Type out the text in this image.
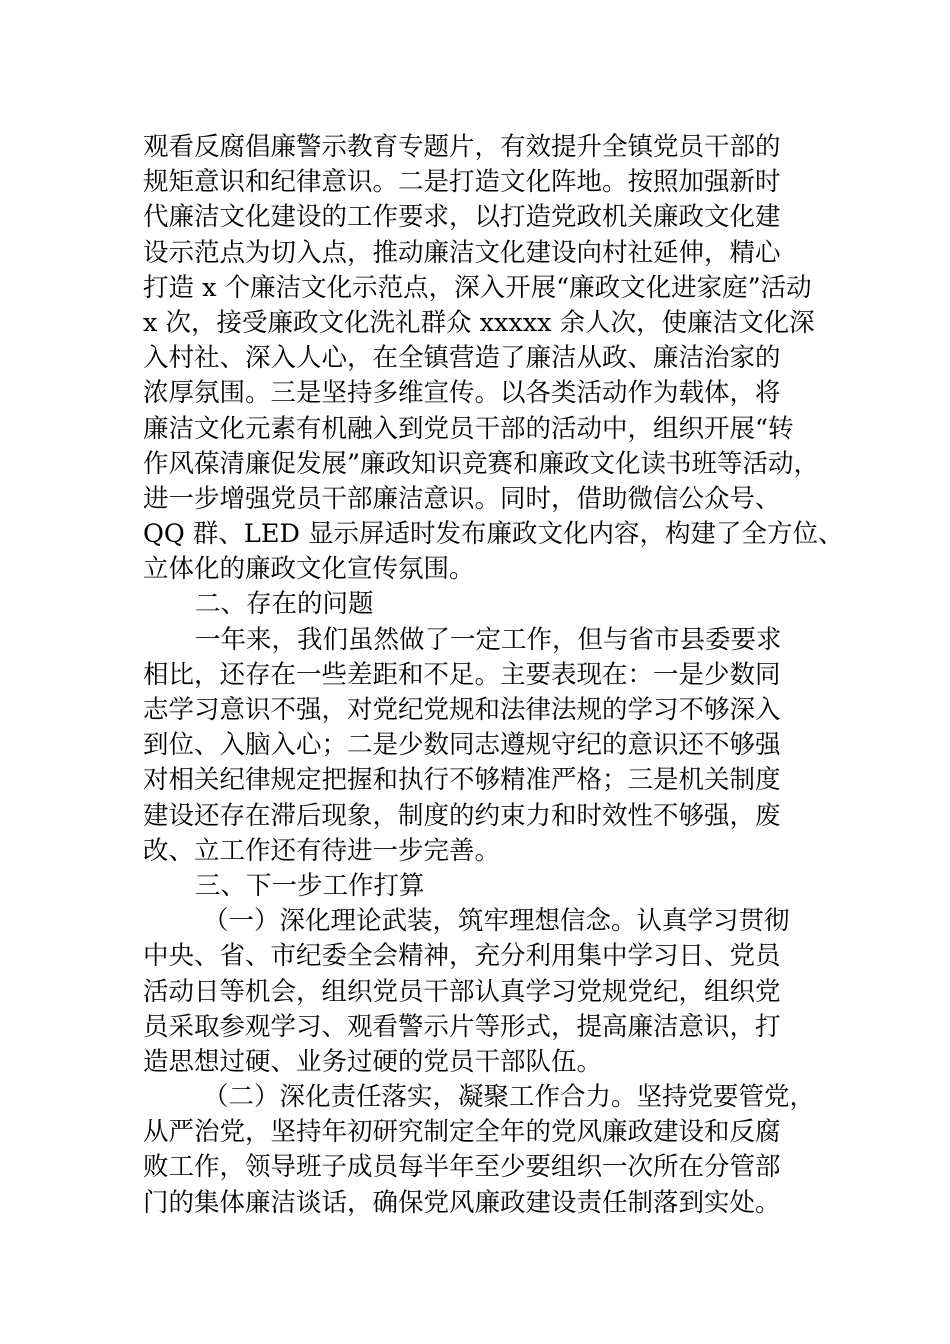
观看反腐倡廉警示教育专题片，有效提升全镇党员干部的
规矩意识和纪律意识。二是打造文化阵地。按照加强新时
代廉洁文化建设的工作要求，以打造党政机关廉政文化建
设示范点为切入点，推动廉洁文化建设向村社延伸，精心
打造 x 个廉洁文化示范点，深入开展“廉政文化进家庭”活动
x 次，接受廉政文化洗礼群众 xxxxx 余人次，使廉洁文化深
入村社、深入人心，在全镇营造了廉洁从政、廉洁治家的
浓厚氛围。三是坚持多维宣传。以各类活动作为载体，将
廉洁文化元素有机融入到党员干部的活动中，组织开展“转
作风葆清廉促发展”廉政知识竞赛和廉政文化读书班等活动，
进一步增强党员干部廉洁意识。同时，借助微信公众号、
QQ 群、LED 显示屏适时发布廉政文化内容，构建了全方位、
立体化的廉政文化宣传氛围。
二、存在的问题
一年来，我们虽然做了一定工作，但与省市县委要求
相比，还存在一些差距和不足。主要表现在：一是少数同
志学习意识不强，对党纪党规和法律法规的学习不够深入
到位、入脑入心；二是少数同志遵规守纪的意识还不够强
对相关纪律规定把握和执行不够精准严格；三是机关制度
建设还存在滞后现象，制度的约束力和时效性不够强，废
改、立工作还有待进一步完善。
三、下一步工作打算
（一）深化理论武装，筑牢理想信念。认真学习贯彻
中央、省、市纪委全会精神，充分利用集中学习日、党员
活动日等机会，组织党员干部认真学习党规党纪，组织党
员采取参观学习、观看警示片等形式，提高廉洁意识，打
造思想过硬、业务过硬的党员干部队伍。
（二）深化责任落实，凝聚工作合力。坚持党要管党，
从严治党，坚持年初研究制定全年的党风廉政建设和反腐
败工作，领导班子成员每半年至少要组织一次所在分管部
门的集体廉洁谈话，确保党风廉政建设责任制落到实处。
